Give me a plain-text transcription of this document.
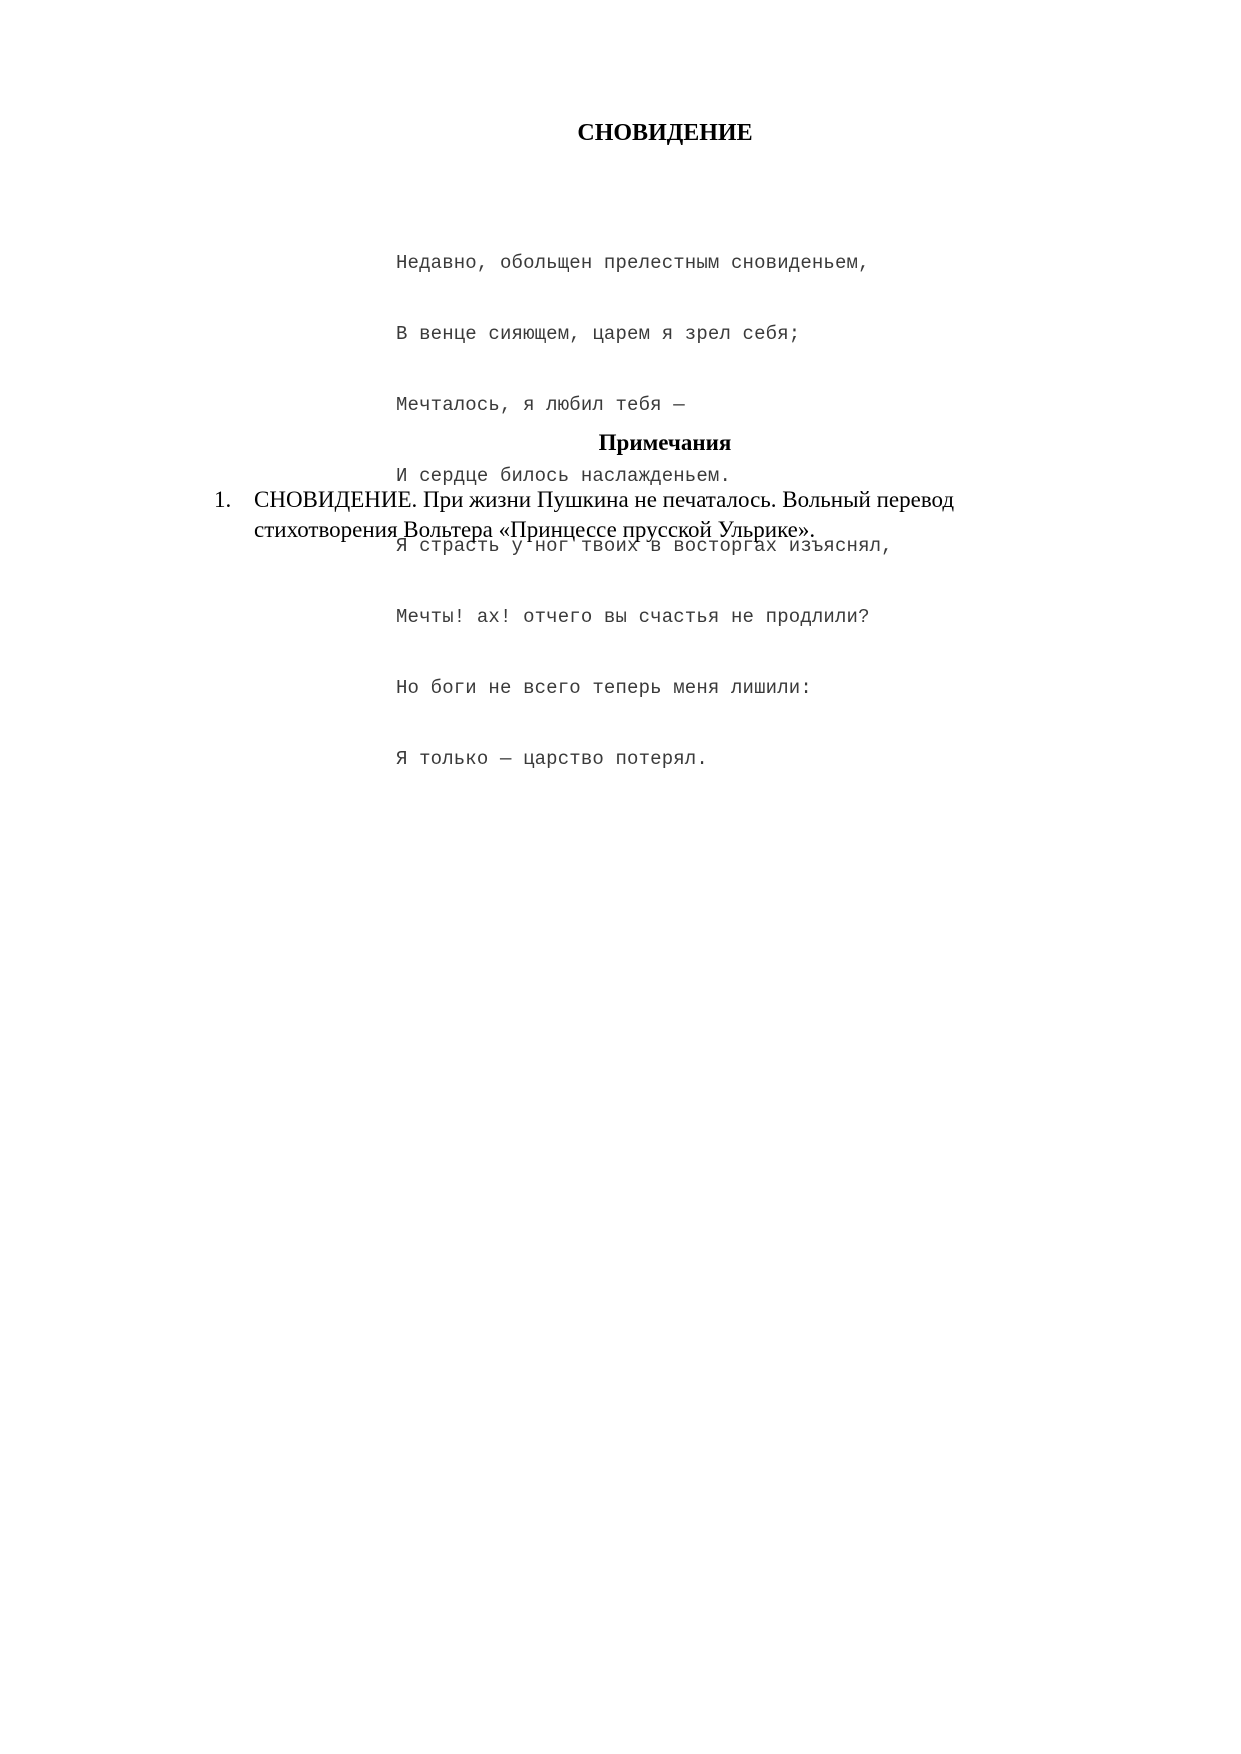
СНОВИДЕНИЕ

Недавно, обольщен прелестным сновиденьем,

В венце сияющем, царем я зрел себя;

Мечталось, я любил тебя —

И сердце билось наслажденьем.

Я страсть у ног твоих в восторгах изъяснял,

Мечты! ах! отчего вы счастья не продлили?

Но боги не всего теперь меня лишили:

Я только — царство потерял.

Примечания
1. СНОВИДЕНИЕ. При жизни Пушкина не печаталось. Вольный перевод стихотворения Вольтера «Принцессе прусской Ульрике».
